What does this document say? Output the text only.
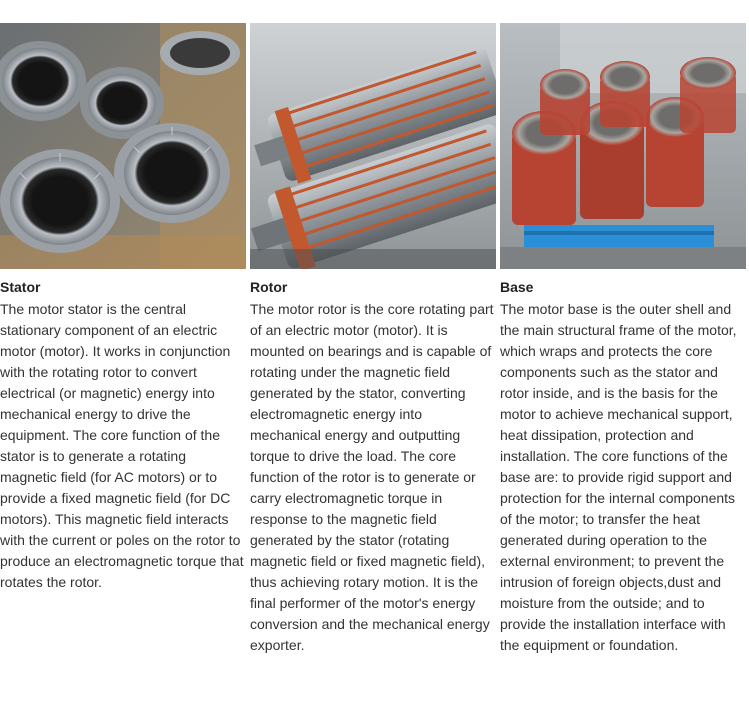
Stator
The motor stator is the central stationary component of an electric motor (motor). It works in conjunction with the rotating rotor to convert electrical (or magnetic) energy into mechanical energy to drive the equipment. The core function of the stator is to generate a rotating magnetic field (for AC motors) or to provide a fixed magnetic field (for DC motors). This magnetic field interacts with the current or poles on the rotor to produce an electromagnetic torque that rotates the rotor.
Rotor
The motor rotor is the core rotating part of an electric motor (motor). It is mounted on bearings and is capable of rotating under the magnetic field generated by the stator, converting electromagnetic energy into mechanical energy and outputting torque to drive the load. The core function of the rotor is to generate or carry electromagnetic torque in response to the magnetic field generated by the stator (rotating magnetic field or fixed magnetic field), thus achieving rotary motion. It is the final performer of the motor's energy conversion and the mechanical energy exporter.
Base
The motor base is the outer shell and the main structural frame of the motor, which wraps and protects the core components such as the stator and rotor inside, and is the basis for the motor to achieve mechanical support, heat dissipation, protection and installation. The core functions of the base are: to provide rigid support and protection for the internal components of the motor; to transfer the heat generated during operation to the external environment; to prevent the intrusion of foreign objects,dust and moisture from the outside; and to provide the installation interface with the equipment or foundation.
